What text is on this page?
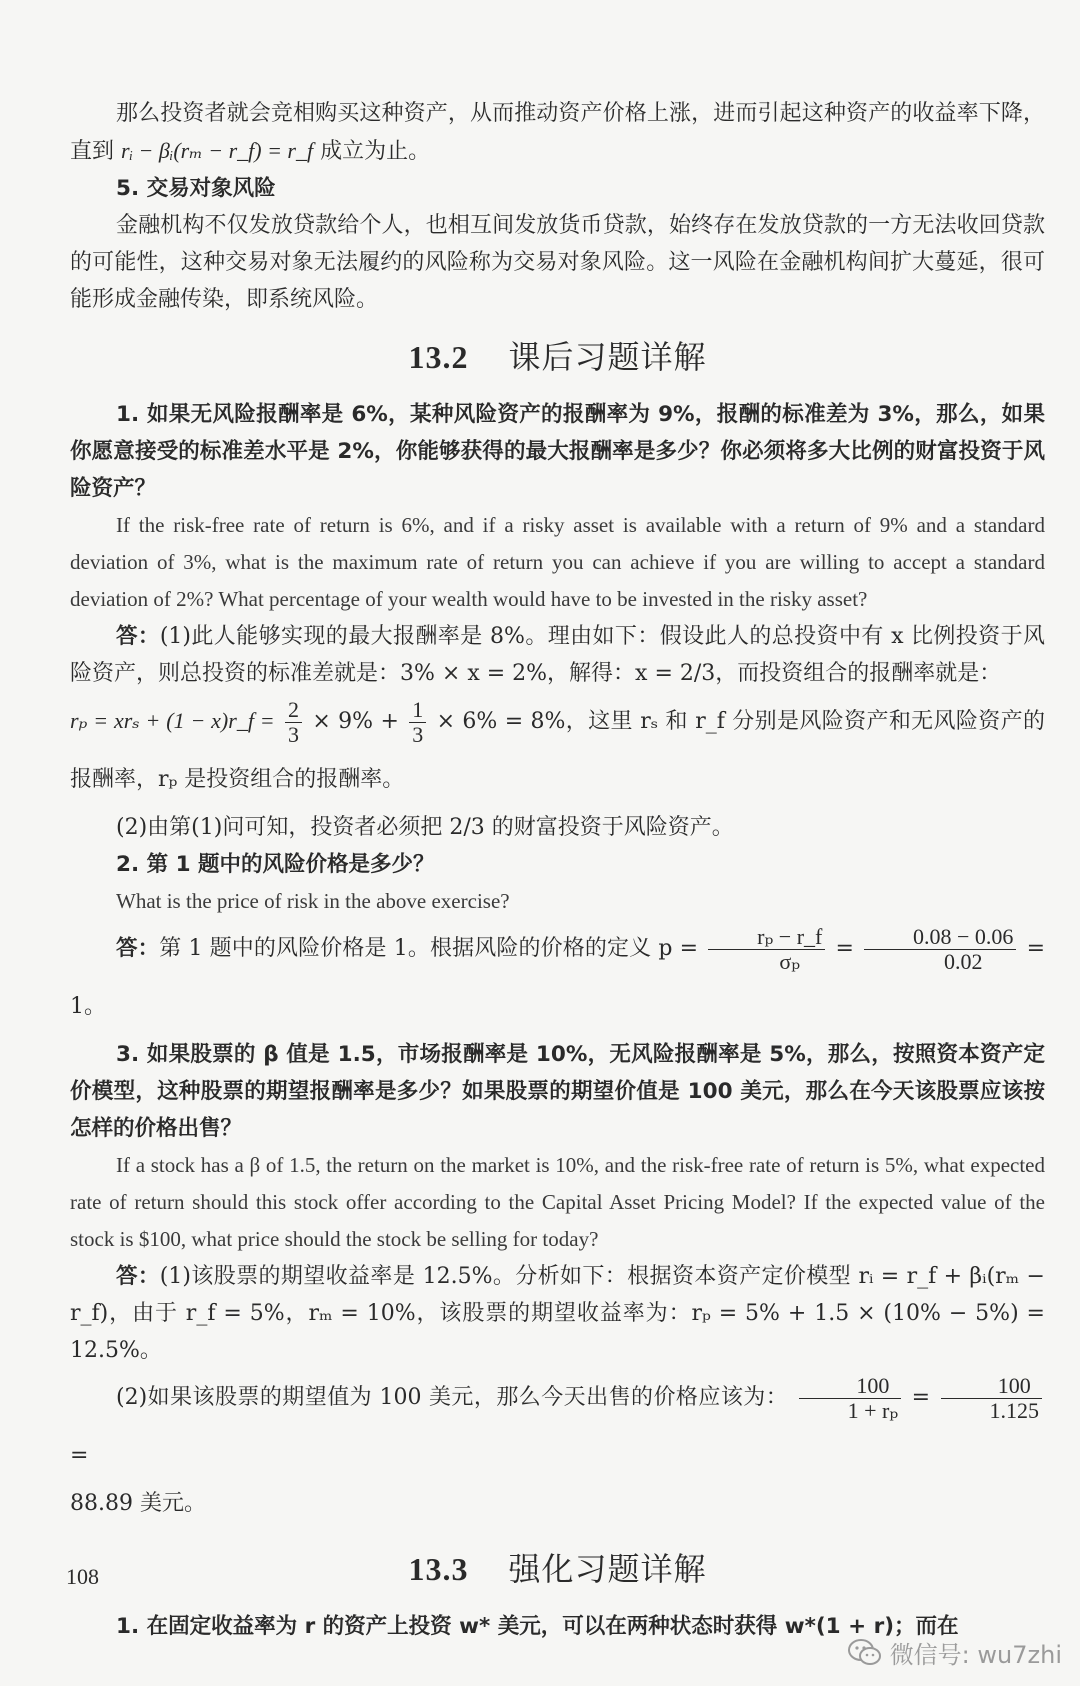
那么投资者就会竞相购买这种资产，从而推动资产价格上涨，进而引起这种资产的收益率下降，直到 rᵢ − βᵢ(rₘ − r_f) = r_f 成立为止。

5. 交易对象风险

金融机构不仅发放贷款给个人，也相互间发放货币贷款，始终存在发放贷款的一方无法收回贷款的可能性，这种交易对象无法履约的风险称为交易对象风险。这一风险在金融机构间扩大蔓延，很可能形成金融传染，即系统风险。

13.2 课后习题详解

1. 如果无风险报酬率是 6%，某种风险资产的报酬率为 9%，报酬的标准差为 3%，那么，如果你愿意接受的标准差水平是 2%，你能够获得的最大报酬率是多少？你必须将多大比例的财富投资于风险资产？

If the risk-free rate of return is 6%, and if a risky asset is available with a return of 9% and a standard deviation of 3%, what is the maximum rate of return you can achieve if you are willing to accept a standard deviation of 2%? What percentage of your wealth would have to be invested in the risky asset?

答：(1)此人能够实现的最大报酬率是 8%。理由如下：假设此人的总投资中有 x 比例投资于风险资产，则总投资的标准差就是：3% × x = 2%，解得：x = 2/3，而投资组合的报酬率就是：

rₚ = xrₛ + (1 − x)r_f = $\frac{2}{3} \times 9\% + \frac{1}{3} \times 6\% = 8\%$，这里 rₛ 和 r_f 分别是风险资产和无风险资产的报酬率，rₚ 是投资组合的报酬率。

(2)由第(1)问可知，投资者必须把 2/3 的财富投资于风险资产。

2. 第 1 题中的风险价格是多少？

What is the price of risk in the above exercise?

答：第 1 题中的风险价格是 1。根据风险的价格的定义 $p = \frac{\text{rₚ − r\_f}}{\text{σₚ}} = \frac{0.08 - 0.06}{0.02} = 1$。

3. 如果股票的 β 值是 1.5，市场报酬率是 10%，无风险报酬率是 5%，那么，按照资本资产定价模型，这种股票的期望报酬率是多少？如果股票的期望价值是 100 美元，那么在今天该股票应该按怎样的价格出售？

If a stock has a β of 1.5, the return on the market is 10%, and the risk-free rate of return is 5%, what expected rate of return should this stock offer according to the Capital Asset Pricing Model? If the expected value of the stock is $100, what price should the stock be selling for today?

答：(1)该股票的期望收益率是 12.5%。分析如下：根据资本资产定价模型 rᵢ = r_f + βᵢ(rₘ − r_f)，由于 r_f = 5%，rₘ = 10%，该股票的期望收益率为：rₚ = 5% + 1.5 × (10% − 5%) = 12.5%。

(2)如果该股票的期望值为 100 美元，那么今天出售的价格应该为： $\frac{100}{\text{1 + rₚ}} = \frac{100}{1.125}$
=

88.89 美元。

13.3 强化习题详解

1. 在固定收益率为 r 的资产上投资 w* 美元，可以在两种状态时获得 w*(1 + r)；而在

108
微信号: wu7zhi
